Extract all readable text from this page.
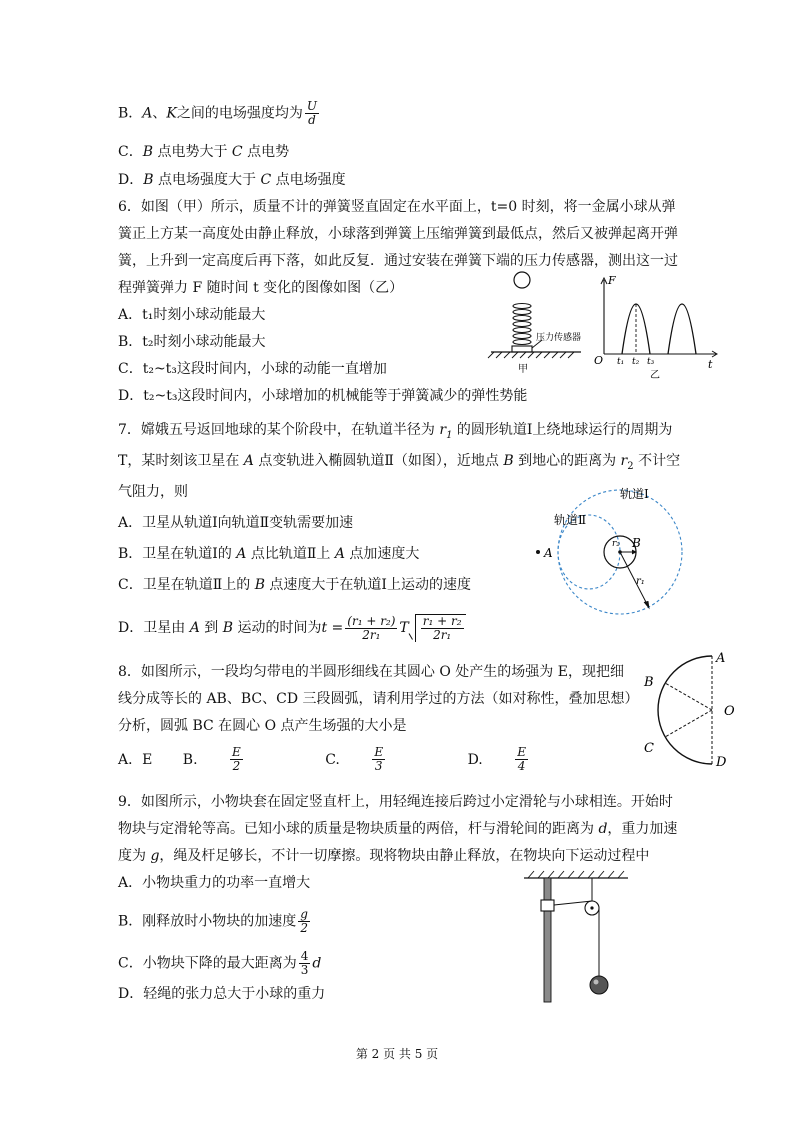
B．A、K之间的电场强度均为 $\frac{U}{d}$
C．B 点电势大于 C 点电势
D．B 点电场强度大于 C 点电场强度
6．如图（甲）所示，质量不计的弹簧竖直固定在水平面上，t=0 时刻，将一金属小球从弹
簧正上方某一高度处由静止释放，小球落到弹簧上压缩弹簧到最低点，然后又被弹起离开弹
簧，上升到一定高度后再下落，如此反复．通过安装在弹簧下端的压力传感器，测出这一过
程弹簧弹力 F 随时间 t 变化的图像如图（乙）
A．t₁时刻小球动能最大
B．t₂时刻小球动能最大
C．t₂~t₃这段时间内，小球的动能一直增加
D．t₂~t₃这段时间内，小球增加的机械能等于弹簧减少的弹性势能
压力传感器
甲
F
O	t
t₁ t₂ t₃
乙
7．嫦娥五号返回地球的某个阶段中，在轨道半径为 $r_1$ 的圆形轨道Ⅰ上绕地球运行的周期为
T，某时刻该卫星在 A 点变轨进入椭圆轨道Ⅱ（如图），近地点 B 到地心的距离为 $r_2$ 不计空
气阻力，则
A．卫星从轨道Ⅰ向轨道Ⅱ变轨需要加速
B．卫星在轨道Ⅰ的 A 点比轨道Ⅱ上 A 点加速度大
C．卫星在轨道Ⅱ上的 B 点速度大于在轨道Ⅰ上运动的速度
D．卫星由 A 到 B 运动的时间为$t = \frac{\text{(r₁ + r₂)}}{\text{2r₁}}$ T $\frac{\text{r₁ + r₂}}{\text{2r₁}}$
A
B
r₂
r₁
轨道Ⅰ
轨道Ⅱ
8．如图所示，一段均匀带电的半圆形细线在其圆心 O 处产生的场强为 E，现把细
线分成等长的 AB、BC、CD 三段圆弧，请利用学过的方法（如对称性，叠加思想）
分析，圆弧 BC 在圆心 O 点产生场强的大小是
A．E B.	$\frac{E}{2}$	C.	$\frac{E}{3}$	D.	$\frac{E}{4}$
A
B
C
D
O
9．如图所示，小物块套在固定竖直杆上，用轻绳连接后跨过小定滑轮与小球相连。开始时
物块与定滑轮等高。已知小球的质量是物块质量的两倍，杆与滑轮间的距离为 d，重力加速
度为 g，绳及杆足够长，不计一切摩擦。现将物块由静止释放，在物块向下运动过程中
A．小物块重力的功率一直增大
B．刚释放时小物块的加速度 $\frac{g}{2}$
C．小物块下降的最大距离为 $\frac{4}{3}$ d
D．轻绳的张力总大于小球的重力
第 2 页 共 5 页
